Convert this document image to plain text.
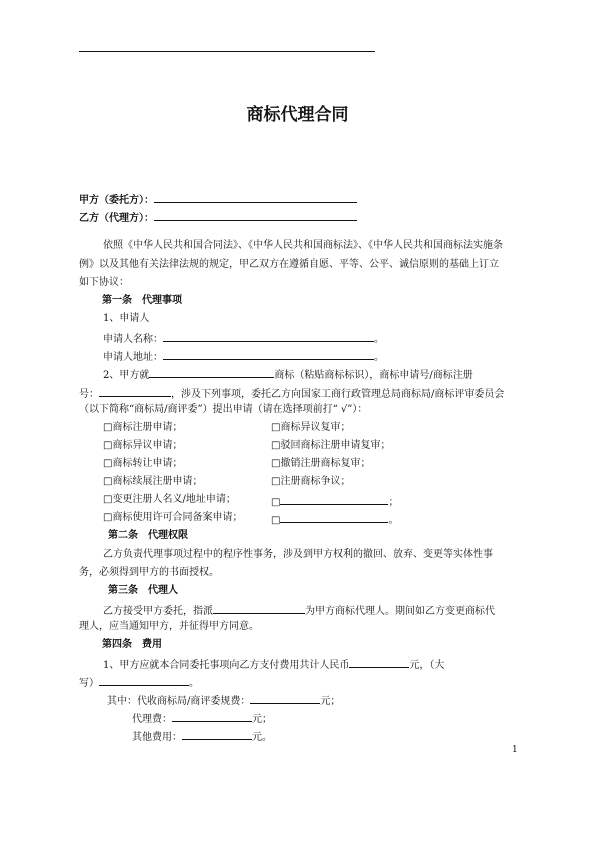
商标代理合同
甲方（委托方）：
乙方（代理方）：
依照《中华人民共和国合同法》、《中华人民共和国商标法》、《中华人民共和国商标法实施条
例》以及其他有关法律法规的规定，甲乙双方在遵循自愿、平等、公平、诚信原则的基础上订立
如下协议：
第一条　代理事项
1、申请人
申请人名称：	。
申请人地址：	。
2、甲方就	商标（粘贴商标标识），商标申请号/商标注册
号：	，涉及下列事项，委托乙方向国家工商行政管理总局商标局/商标评审委员会
（以下简称“商标局/商评委”）提出申请（请在选择项前打“ √”）：
□商标注册申请；
□商标异议申请；
□商标转让申请；
□商标续展注册申请；
□变更注册人名义/地址申请；
□商标使用许可合同备案申请；
□商标异议复审；
□驳回商标注册申请复审；
□撤销注册商标复审；
□注册商标争议；
□	；
□	。
第二条　代理权限
乙方负责代理事项过程中的程序性事务，涉及到甲方权利的撤回、放弃、变更等实体性事
务，必须得到甲方的书面授权。
第三条　代理人
乙方接受甲方委托，指派	为甲方商标代理人。期间如乙方变更商标代
理人，应当通知甲方，并征得甲方同意。
第四条　费用
1、甲方应就本合同委托事项向乙方支付费用共计人民币	元，（大
写）	。
其中：代收商标局/商评委规费：	元；
代理费：	元；
其他费用：	元。
1
